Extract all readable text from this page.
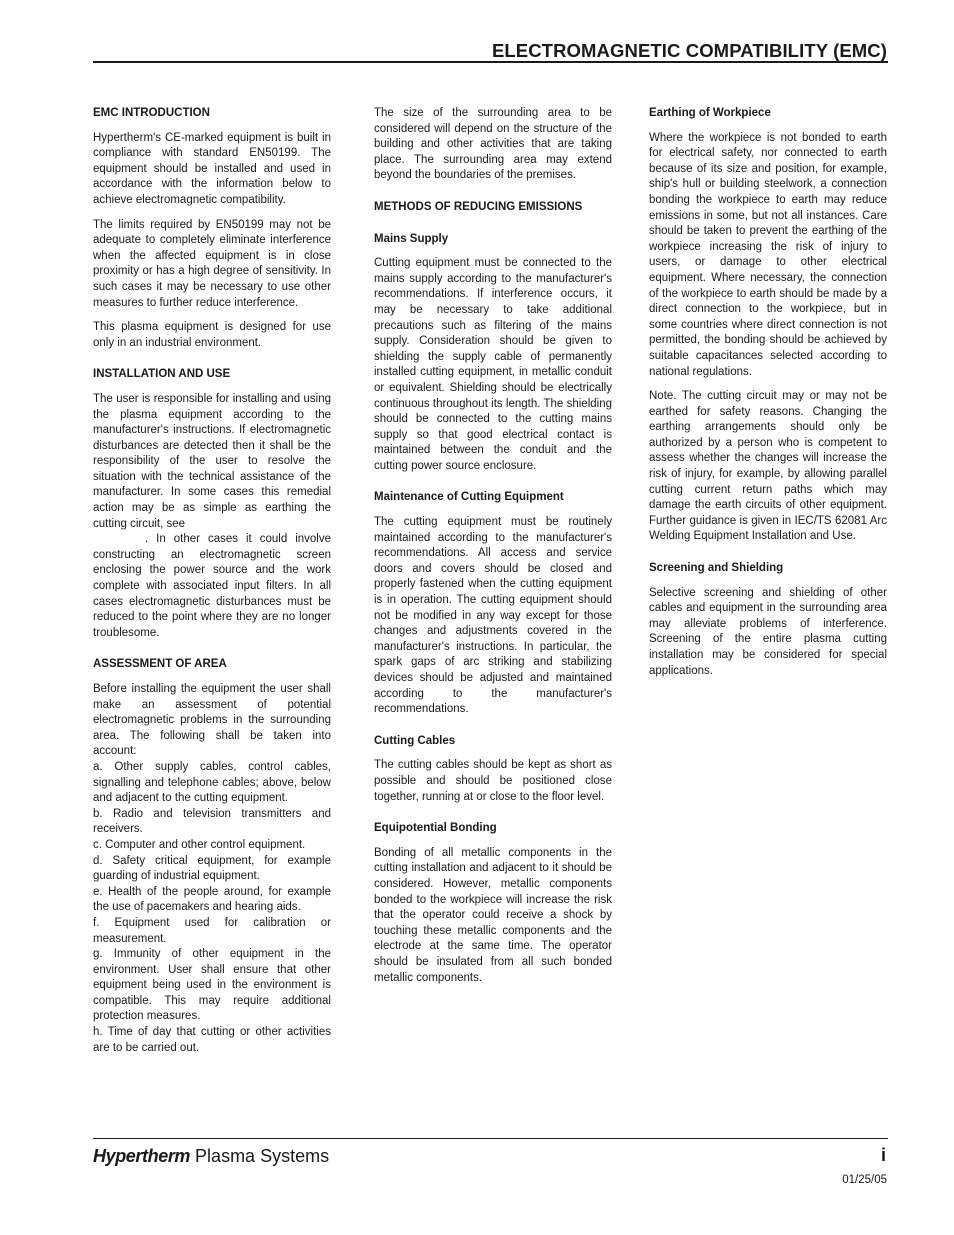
ELECTROMAGNETIC COMPATIBILITY (EMC)
EMC INTRODUCTION

Hypertherm's CE-marked equipment is built in compliance with standard EN50199. The equipment should be installed and used in accordance with the information below to achieve electromagnetic compatibility.

The limits required by EN50199 may not be adequate to completely eliminate interference when the affected equipment is in close proximity or has a high degree of sensitivity. In such cases it may be necessary to use other measures to further reduce interference.

This plasma equipment is designed for use only in an industrial environment.

INSTALLATION AND USE

The user is responsible for installing and using the plasma equipment according to the manufacturer's instructions. If electromagnetic disturbances are detected then it shall be the responsibility of the user to resolve the situation with the technical assistance of the manufacturer. In some cases this remedial action may be as simple as earthing the cutting circuit, see
. In other cases it could involve constructing an electromagnetic screen enclosing the power source and the work complete with associated input filters. In all cases electromagnetic disturbances must be reduced to the point where they are no longer troublesome.

ASSESSMENT OF AREA

Before installing the equipment the user shall make an assessment of potential electromagnetic problems in the surrounding area. The following shall be taken into account:

a. Other supply cables, control cables, signalling and telephone cables; above, below and adjacent to the cutting equipment.

b. Radio and television transmitters and receivers.

c. Computer and other control equipment.

d. Safety critical equipment, for example guarding of industrial equipment.

e. Health of the people around, for example the use of pacemakers and hearing aids.

f. Equipment used for calibration or measurement.

g. Immunity of other equipment in the environment. User shall ensure that other equipment being used in the environment is compatible. This may require additional protection measures.

h. Time of day that cutting or other activities are to be carried out.

The size of the surrounding area to be considered will depend on the structure of the building and other activities that are taking place. The surrounding area may extend beyond the boundaries of the premises.

METHODS OF REDUCING EMISSIONS
Mains Supply

Cutting equipment must be connected to the mains supply according to the manufacturer's recommendations. If interference occurs, it may be necessary to take additional precautions such as filtering of the mains supply. Consideration should be given to shielding the supply cable of permanently installed cutting equipment, in metallic conduit or equivalent. Shielding should be electrically continuous throughout its length. The shielding should be connected to the cutting mains supply so that good electrical contact is maintained between the conduit and the cutting power source enclosure.

Maintenance of Cutting Equipment

The cutting equipment must be routinely maintained according to the manufacturer's recommendations. All access and service doors and covers should be closed and properly fastened when the cutting equipment is in operation. The cutting equipment should not be modified in any way except for those changes and adjustments covered in the manufacturer's instructions. In particular, the spark gaps of arc striking and stabilizing devices should be adjusted and maintained according to the manufacturer's recommendations.

Cutting Cables

The cutting cables should be kept as short as possible and should be positioned close together, running at or close to the floor level.

Equipotential Bonding

Bonding of all metallic components in the cutting installation and adjacent to it should be considered. However, metallic components bonded to the workpiece will increase the risk that the operator could receive a shock by touching these metallic components and the electrode at the same time. The operator should be insulated from all such bonded metallic components.

Earthing of Workpiece

Where the workpiece is not bonded to earth for electrical safety, nor connected to earth because of its size and position, for example, ship's hull or building steelwork, a connection bonding the workpiece to earth may reduce emissions in some, but not all instances. Care should be taken to prevent the earthing of the workpiece increasing the risk of injury to users, or damage to other electrical equipment. Where necessary, the connection of the workpiece to earth should be made by a direct connection to the workpiece, but in some countries where direct connection is not permitted, the bonding should be achieved by suitable capacitances selected according to national regulations.

Note. The cutting circuit may or may not be earthed for safety reasons. Changing the earthing arrangements should only be authorized by a person who is competent to assess whether the changes will increase the risk of injury, for example, by allowing parallel cutting current return paths which may damage the earth circuits of other equipment. Further guidance is given in IEC/TS 62081 Arc Welding Equipment Installation and Use.

Screening and Shielding

Selective screening and shielding of other cables and equipment in the surrounding area may alleviate problems of interference. Screening of the entire plasma cutting installation may be considered for special applications.

Hypertherm Plasma Systems	i
01/25/05
